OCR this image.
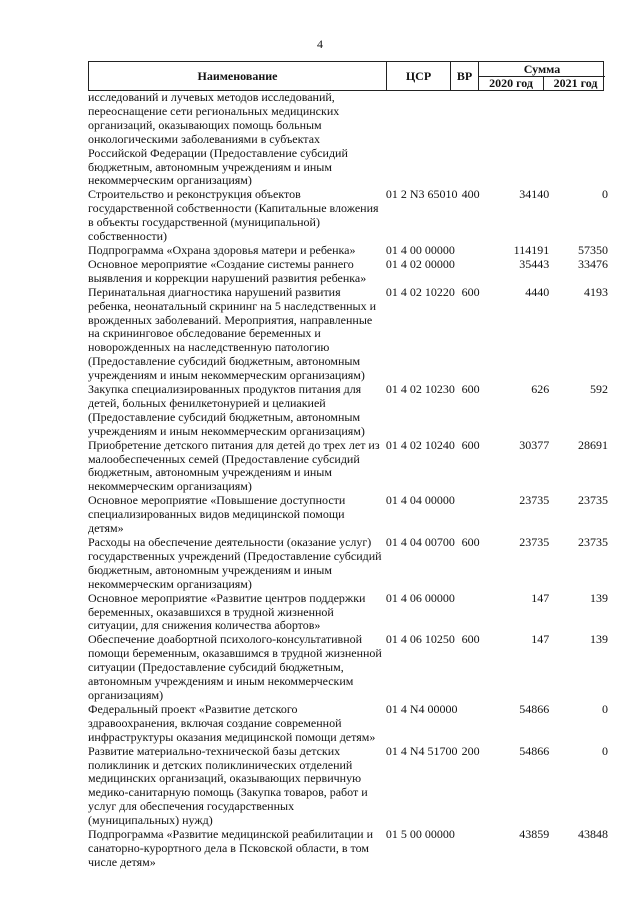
4
Наименование	ЦСР	ВР	Сумма
2020 год	2021 год
исследований и лучевых методов исследований, переоснащение сети региональных медицинских организаций, оказывающих помощь больным онкологическими заболеваниями в субъектах Российской Федерации (Предоставление субсидий бюджетным, автономным учреждениям и иным некоммерческим организациям)
Строительство и реконструкция объектов государственной собственности (Капитальные вложения в объекты государственной (муниципальной) собственности)
01 2 N3 65010 400	34140	0
Подпрограмма «Охрана здоровья матери и ребенка»	01 4 00 00000	114191	57350
Основное мероприятие «Создание системы раннего выявления и коррекции нарушений развития ребенка»
01 4 02 00000	35443	33476
Перинатальная диагностика нарушений развития ребенка, неонатальный скрининг на 5 наследственных и врожденных заболеваний. Мероприятия, направленные на скрининговое обследование беременных и новорожденных на наследственную патологию (Предоставление субсидий бюджетным, автономным учреждениям и иным некоммерческим организациям)
01 4 02 10220 600	4440	4193
Закупка специализированных продуктов питания для детей, больных фенилкетонурией и целиакией (Предоставление субсидий бюджетным, автономным учреждениям и иным некоммерческим организациям)
01 4 02 10230 600	626	592
Приобретение детского питания для детей до трех лет из малообеспеченных семей (Предоставление субсидий бюджетным, автономным учреждениям и иным некоммерческим организациям)
01 4 02 10240 600	30377	28691
Основное мероприятие «Повышение доступности специализированных видов медицинской помощи детям»
01 4 04 00000	23735	23735
Расходы на обеспечение деятельности (оказание услуг) государственных учреждений (Предоставление субсидий бюджетным, автономным учреждениям и иным некоммерческим организациям)
01 4 04 00700 600	23735	23735
Основное мероприятие «Развитие центров поддержки беременных, оказавшихся в трудной жизненной ситуации, для снижения количества абортов»
01 4 06 00000	147	139
Обеспечение доабортной психолого-консультативной помощи беременным, оказавшимся в трудной жизненной ситуации (Предоставление субсидий бюджетным, автономным учреждениям и иным некоммерческим организациям)
01 4 06 10250 600	147	139
Федеральный проект «Развитие детского здравоохранения, включая создание современной инфраструктуры оказания медицинской помощи детям»
01 4 N4 00000	54866	0
Развитие материально-технической базы детских поликлиник и детских поликлинических отделений медицинских организаций, оказывающих первичную медико-санитарную помощь (Закупка товаров, работ и услуг для обеспечения государственных (муниципальных) нужд)
01 4 N4 51700 200	54866	0
Подпрограмма «Развитие медицинской реабилитации и санаторно-курортного дела в Псковской области, в том числе детям»
01 5 00 00000	43859	43848
